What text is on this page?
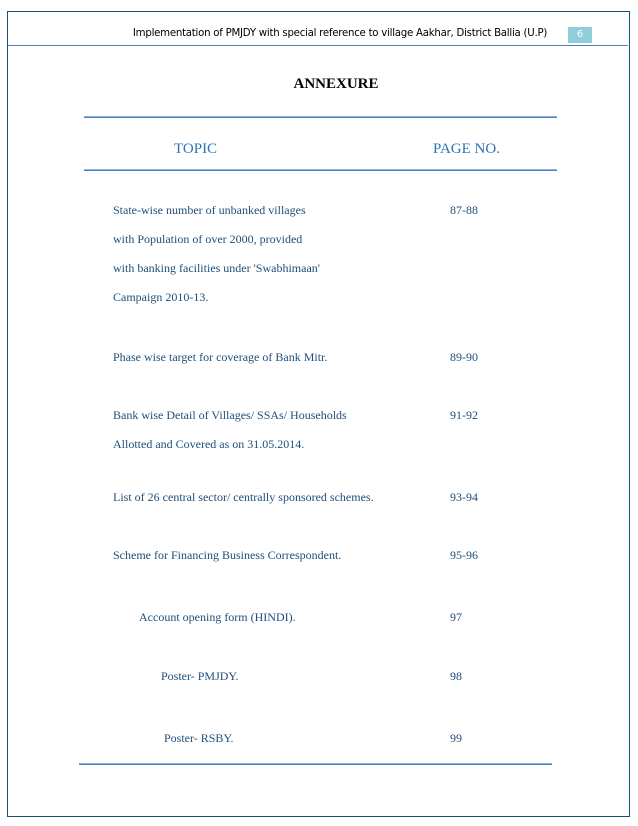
Implementation of PMJDY with special reference to village Aakhar, District Ballia (U.P)	6
ANNEXURE
TOPIC	PAGE NO.
State-wise number of unbanked villages
with Population of over 2000, provided
with banking facilities under 'Swabhimaan'
Campaign 2010-13.
87-88
Phase wise target for coverage of Bank Mitr.	89-90
Bank wise Detail of Villages/ SSAs/ Households
Allotted and Covered as on 31.05.2014.
91-92
List of 26 central sector/ centrally sponsored schemes.	93-94
Scheme for Financing Business Correspondent.	95-96
Account opening form (HINDI).	97
Poster- PMJDY.	98
Poster- RSBY.	99
